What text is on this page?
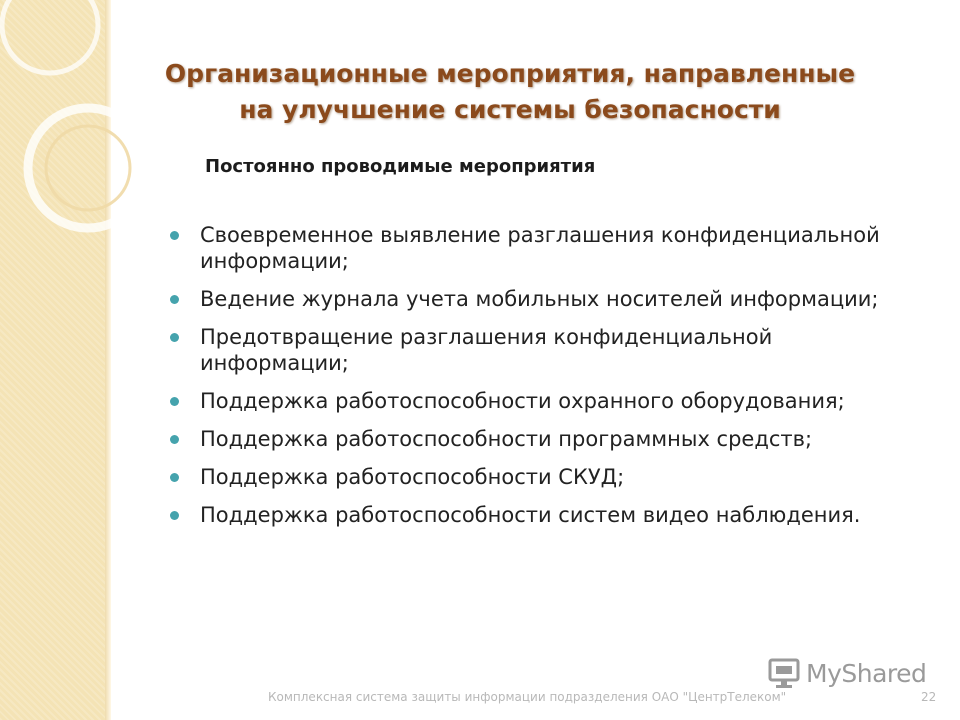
Организационные мероприятия, направленные на улучшение системы безопасности
Постоянно проводимые мероприятия
Своевременное выявление разглашения конфиденциальной информации;
Ведение журнала учета мобильных носителей информации;
Предотвращение разглашения конфиденциальной информации;
Поддержка работоспособности охранного оборудования;
Поддержка работоспособности программных средств;
Поддержка работоспособности СКУД;
Поддержка работоспособности систем видео наблюдения.
MyShared
Комплексная система защиты информации подразделения ОАО "ЦентрТелеком"	22
